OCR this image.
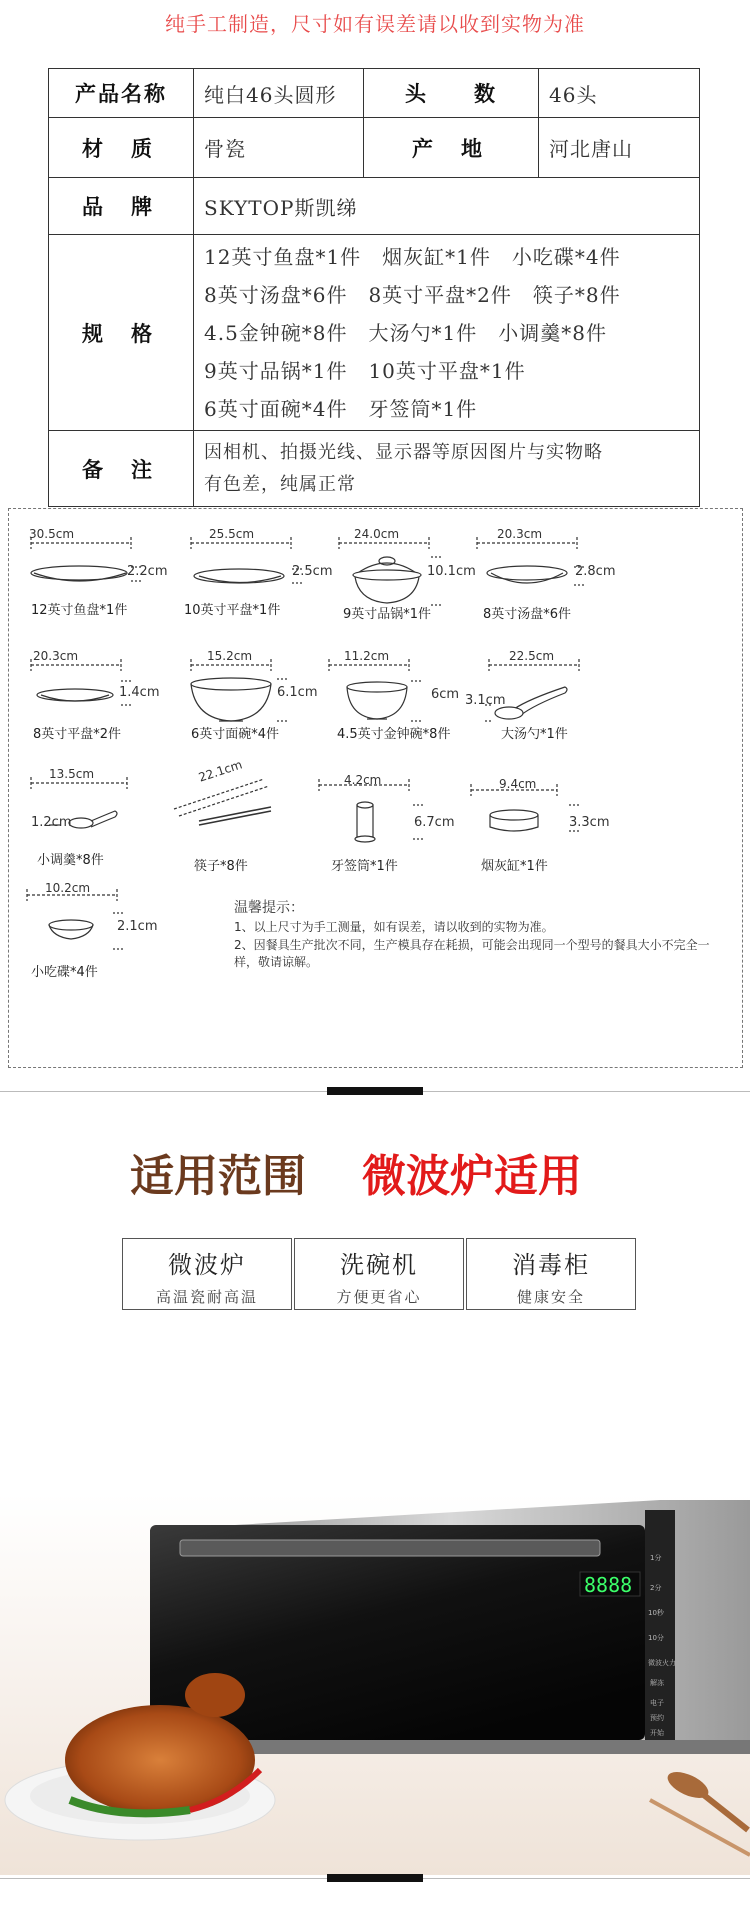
纯手工制造，尺寸如有误差请以收到实物为准
产品名称	纯白46头圆形	头　　数	46头
材质	骨瓷	产地	河北唐山
品牌	SKYTOP斯凯绨		
规格	12英寸鱼盘*1件　烟灰缸*1件　小吃碟*4件
8英寸汤盘*6件　8英寸平盘*2件　筷子*8件
4.5金钟碗*8件　大汤勺*1件　小调羹*8件
9英寸品锅*1件　10英寸平盘*1件
6英寸面碗*4件　牙签筒*1件		

备注	因相机、拍摄光线、显示器等原因图片与实物略
有色差，纯属正常		
30.5cm
2.2cm
12英寸鱼盘*1件
25.5cm
2.5cm
10英寸平盘*1件
24.0cm
10.1cm
9英寸品锅*1件
20.3cm
2.8cm
8英寸汤盘*6件
20.3cm
1.4cm
8英寸平盘*2件
15.2cm
6.1cm
6英寸面碗*4件
11.2cm
6cm
4.5英寸金钟碗*8件
22.5cm
3.1cm
大汤勺*1件
13.5cm
1.2cm
小调羹*8件
22.1cm
筷子*8件
4.2cm
6.7cm
牙签筒*1件
9.4cm
3.3cm
烟灰缸*1件
10.2cm
2.1cm
小吃碟*4件
温馨提示：
1、以上尺寸为手工测量，如有误差，请以收到的实物为准。
2、因餐具生产批次不同，生产模具存在耗损，可能会出现同一个型号的餐具大小不完全一样，敬请谅解。
适用范围 微波炉适用
微波炉
高温瓷耐高温
洗碗机
方便更省心
消毒柜
健康安全
8888
1分
2分
10秒
10分
微波火力
解冻
电子
预约
开始
